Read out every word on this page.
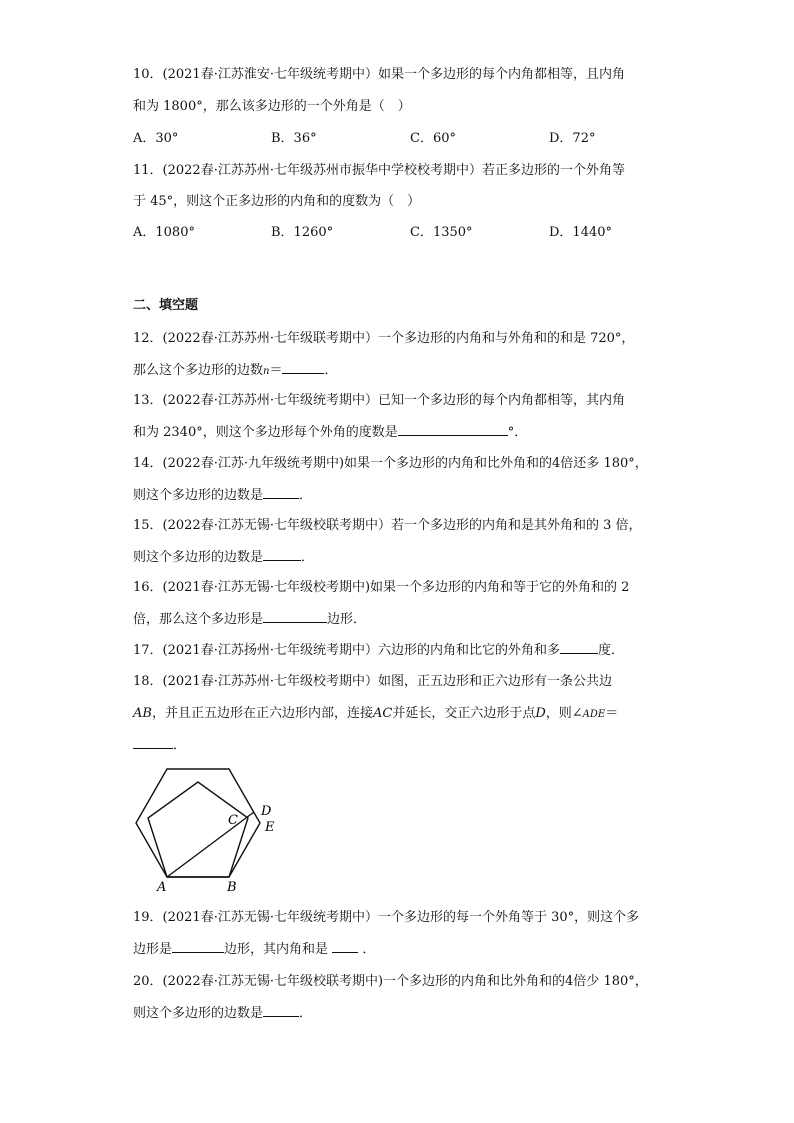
10．(2021春·江苏淮安·七年级统考期中）如果一个多边形的每个内角都相等，且内角
和为 1800°，那么该多边形的一个外角是（　）
A．30°	B．36°	C．60°	D．72°
11．(2022春·江苏苏州·七年级苏州市振华中学校校考期中）若正多边形的一个外角等
于 45°，则这个正多边形的内角和的度数为（　）
A．1080°	B．1260°	C．1350°	D．1440°
二、填空题
12．(2022春·江苏苏州·七年级联考期中）一个多边形的内角和与外角和的和是 720°，
那么这个多边形的边数n＝	．
13．(2022春·江苏苏州·七年级统考期中）已知一个多边形的每个内角都相等，其内角
和为 2340°，则这个多边形每个外角的度数是	°．
14．(2022春·江苏·九年级统考期中)如果一个多边形的内角和比外角和的4倍还多 180°，
则这个多边形的边数是	．
15．(2022春·江苏无锡·七年级校联考期中）若一个多边形的内角和是其外角和的 3 倍，
则这个多边形的边数是	．
16．(2021春·江苏无锡·七年级校考期中)如果一个多边形的内角和等于它的外角和的 2
倍，那么这个多边形是	边形．
17．(2021春·江苏扬州·七年级统考期中）六边形的内角和比它的外角和多	度．
18．(2021春·江苏苏州·七年级校考期中）如图，正五边形和正六边形有一条公共边
AB，并且正五边形在正六边形内部，连接AC并延长，交正六边形于点D，则∠ADE＝
．
A	B
C
D
E
19．(2021春·江苏无锡·七年级统考期中）一个多边形的每一个外角等于 30°，则这个多
边形是	边形，其内角和是	．
20．(2022春·江苏无锡·七年级校联考期中)一个多边形的内角和比外角和的4倍少 180°，
则这个多边形的边数是	．
